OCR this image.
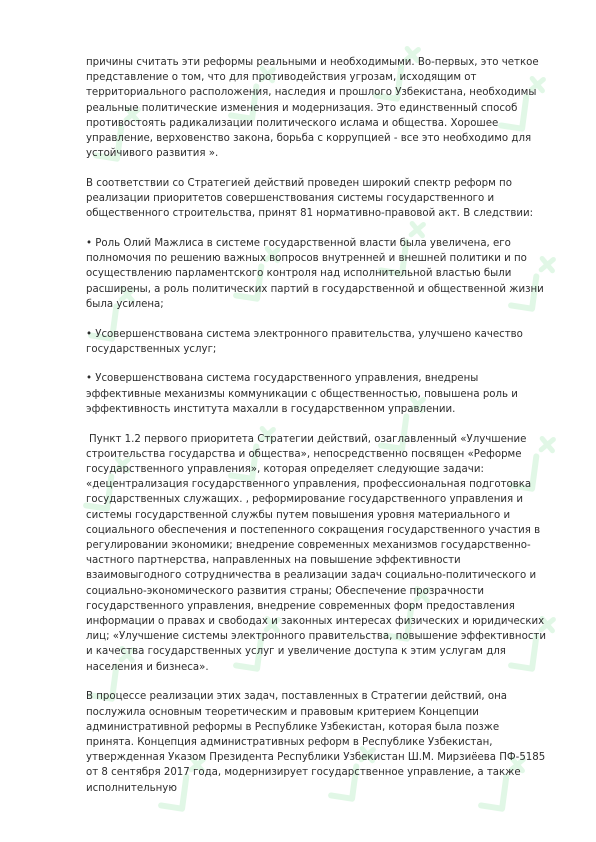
причины считать эти реформы реальными и необходимыми. Во-первых, это четкое представление о том, что для противодействия угрозам, исходящим от территориального расположения, наследия и прошлого Узбекистана, необходимы реальные политические изменения и модернизация. Это единственный способ противостоять радикализации политического ислама и общества. Хорошее управление, верховенство закона, борьба с коррупцией - все это необходимо для устойчивого развития ».

В соответствии со Стратегией действий проведен широкий спектр реформ по реализации приоритетов совершенствования системы государственного и общественного строительства, принят 81 нормативно-правовой акт. В следствии:

• Роль Олий Мажлиса в системе государственной власти была увеличена, его полномочия по решению важных вопросов внутренней и внешней политики и по осуществлению парламентского контроля над исполнительной властью были расширены, а роль политических партий в государственной и общественной жизни была усилена;

• Усовершенствована система электронного правительства, улучшено качество государственных услуг;

• Усовершенствована система государственного управления, внедрены эффективные механизмы коммуникации с общественностью, повышена роль и эффективность института махалли в государственном управлении.

Пункт 1.2 первого приоритета Стратегии действий, озаглавленный «Улучшение строительства государства и общества», непосредственно посвящен «Реформе государственного управления», которая определяет следующие задачи: «децентрализация государственного управления, профессиональная подготовка государственных служащих. , реформирование государственного управления и системы государственной службы путем повышения уровня материального и социального обеспечения и постепенного сокращения государственного участия в регулировании экономики; внедрение современных механизмов государственно-частного партнерства, направленных на повышение эффективности взаимовыгодного сотрудничества в реализации задач социально-политического и социально-экономического развития страны; Обеспечение прозрачности государственного управления, внедрение современных форм предоставления информации о правах и свободах и законных интересах физических и юридических лиц; «Улучшение системы электронного правительства, повышение эффективности и качества государственных услуг и увеличение доступа к этим услугам для населения и бизнеса».

В процессе реализации этих задач, поставленных в Стратегии действий, она послужила основным теоретическим и правовым критерием Концепции административной реформы в Республике Узбекистан, которая была позже принята. Концепция административных реформ в Республике Узбекистан, утвержденная Указом Президента Республики Узбекистан Ш.М. Мирзиёева ПФ-5185 от 8 сентября 2017 года, модернизирует государственное управление, а также исполнительную
